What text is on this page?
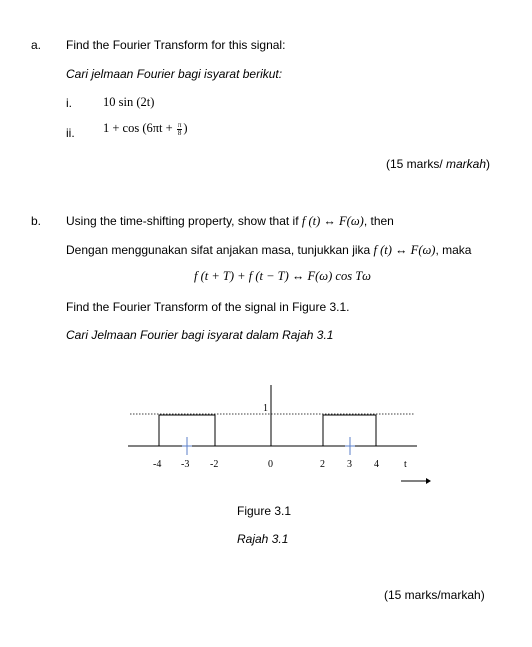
a. Find the Fourier Transform for this signal:
Cari jelmaan Fourier bagi isyarat berikut:
i. 10 sin (2t)
ii. $1 + \cos (6\pi t + \frac{\pi}{8}$ )
(15 marks/ markah)
b. Using the time-shifting property, show that if f (t) ↔ F(ω), then
Dengan menggunakan sifat anjakan masa, tunjukkan jika f (t) ↔ F(ω), maka
f (t + T) + f (t − T) ↔ F(ω) cos Tω
Find the Fourier Transform of the signal in Figure 3.1.
Cari Jelmaan Fourier bagi isyarat dalam Rajah 3.1
1
-4 -3 -2	0	2 3 4	t
Figure 3.1
Rajah 3.1
(15 marks/markah)
